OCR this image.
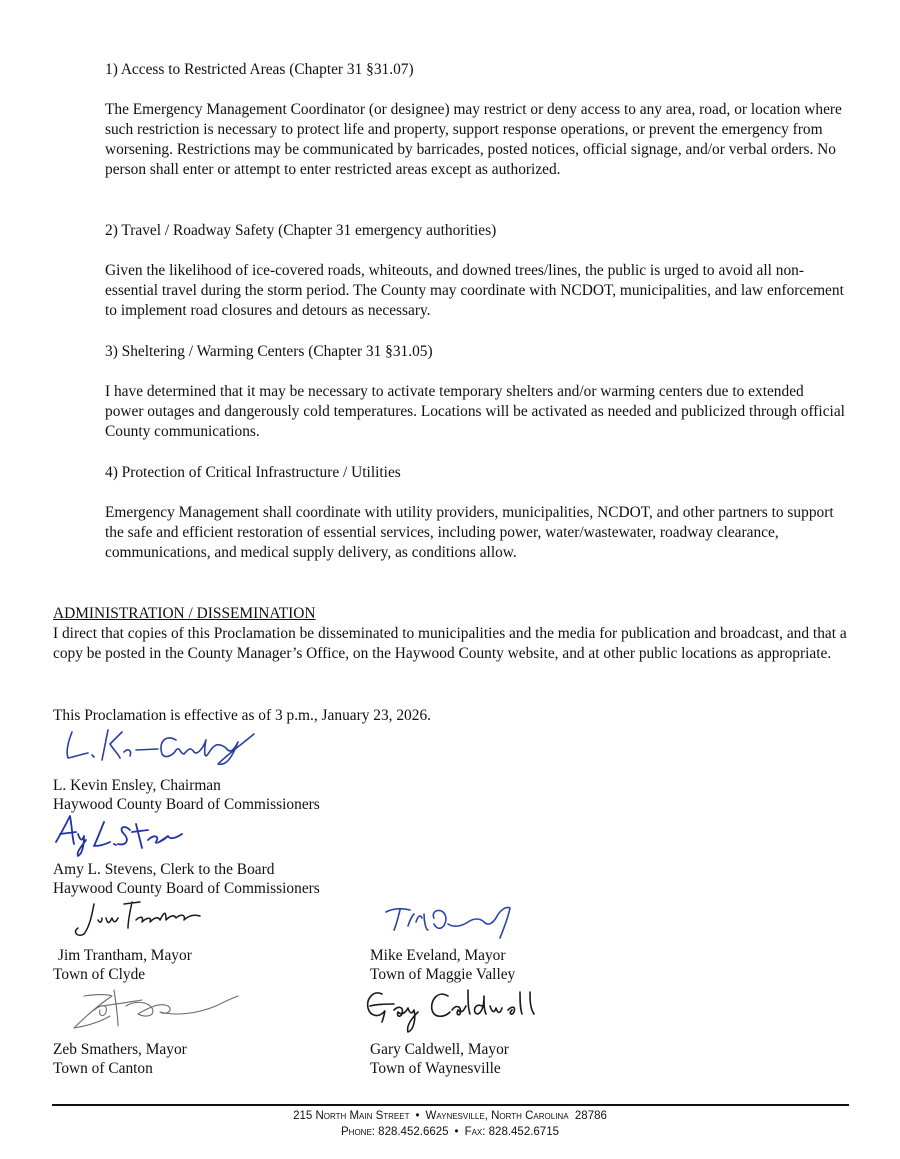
1) Access to Restricted Areas (Chapter 31 §31.07)

The Emergency Management Coordinator (or designee) may restrict or deny access to any area, road, or location where such restriction is necessary to protect life and property, support response operations, or prevent the emergency from worsening. Restrictions may be communicated by barricades, posted notices, official signage, and/or verbal orders. No person shall enter or attempt to enter restricted areas except as authorized.

2) Travel / Roadway Safety (Chapter 31 emergency authorities)

Given the likelihood of ice-covered roads, whiteouts, and downed trees/lines, the public is urged to avoid all non-essential travel during the storm period. The County may coordinate with NCDOT, municipalities, and law enforcement to implement road closures and detours as necessary.

3) Sheltering / Warming Centers (Chapter 31 §31.05)

I have determined that it may be necessary to activate temporary shelters and/or warming centers due to extended power outages and dangerously cold temperatures. Locations will be activated as needed and publicized through official County communications.

4) Protection of Critical Infrastructure / Utilities

Emergency Management shall coordinate with utility providers, municipalities, NCDOT, and other partners to support the safe and efficient restoration of essential services, including power, water/wastewater, roadway clearance, communications, and medical supply delivery, as conditions allow.

ADMINISTRATION / DISSEMINATION

I direct that copies of this Proclamation be disseminated to municipalities and the media for publication and broadcast, and that a copy be posted in the County Manager’s Office, on the Haywood County website, and at other public locations as appropriate.

This Proclamation is effective as of 3 p.m., January 23, 2026.
L. Kevin Ensley, Chairman
Haywood County Board of Commissioners
Amy L. Stevens, Clerk to the Board
Haywood County Board of Commissioners
Jim Trantham, Mayor
Town of Clyde
Mike Eveland, Mayor
Town of Maggie Valley
Zeb Smathers, Mayor
Town of Canton
Gary Caldwell, Mayor
Town of Waynesville
215 North Main Street • Waynesville, North Carolina  28786
Phone: 828.452.6625 • Fax: 828.452.6715
